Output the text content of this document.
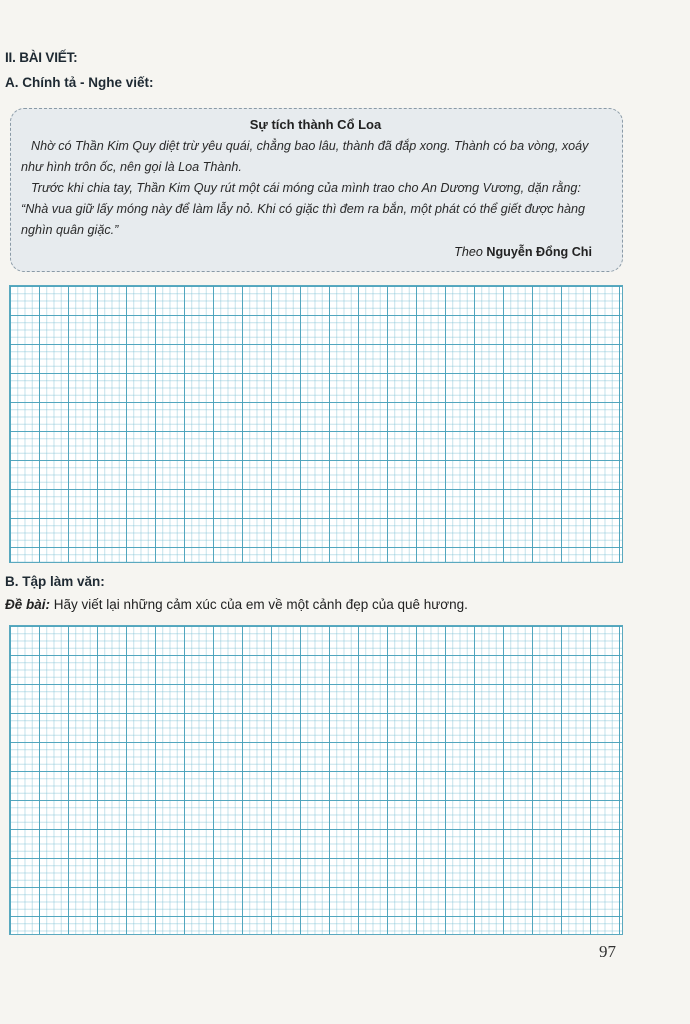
II. BÀI VIẾT:
A. Chính tả - Nghe viết:
Sự tích thành Cổ Loa

Nhờ có Thần Kim Quy diệt trừ yêu quái, chẳng bao lâu, thành đã đắp xong. Thành có ba vòng, xoáy như hình trôn ốc, nên gọi là Loa Thành.

Trước khi chia tay, Thần Kim Quy rút một cái móng của mình trao cho An Dương Vương, dặn rằng: “Nhà vua giữ lấy móng này để làm lẫy nỏ. Khi có giặc thì đem ra bắn, một phát có thể giết được hàng nghìn quân giặc.”

Theo Nguyễn Đổng Chi
B. Tập làm văn:
Đề bài: Hãy viết lại những cảm xúc của em về một cảnh đẹp của quê hương.
97
